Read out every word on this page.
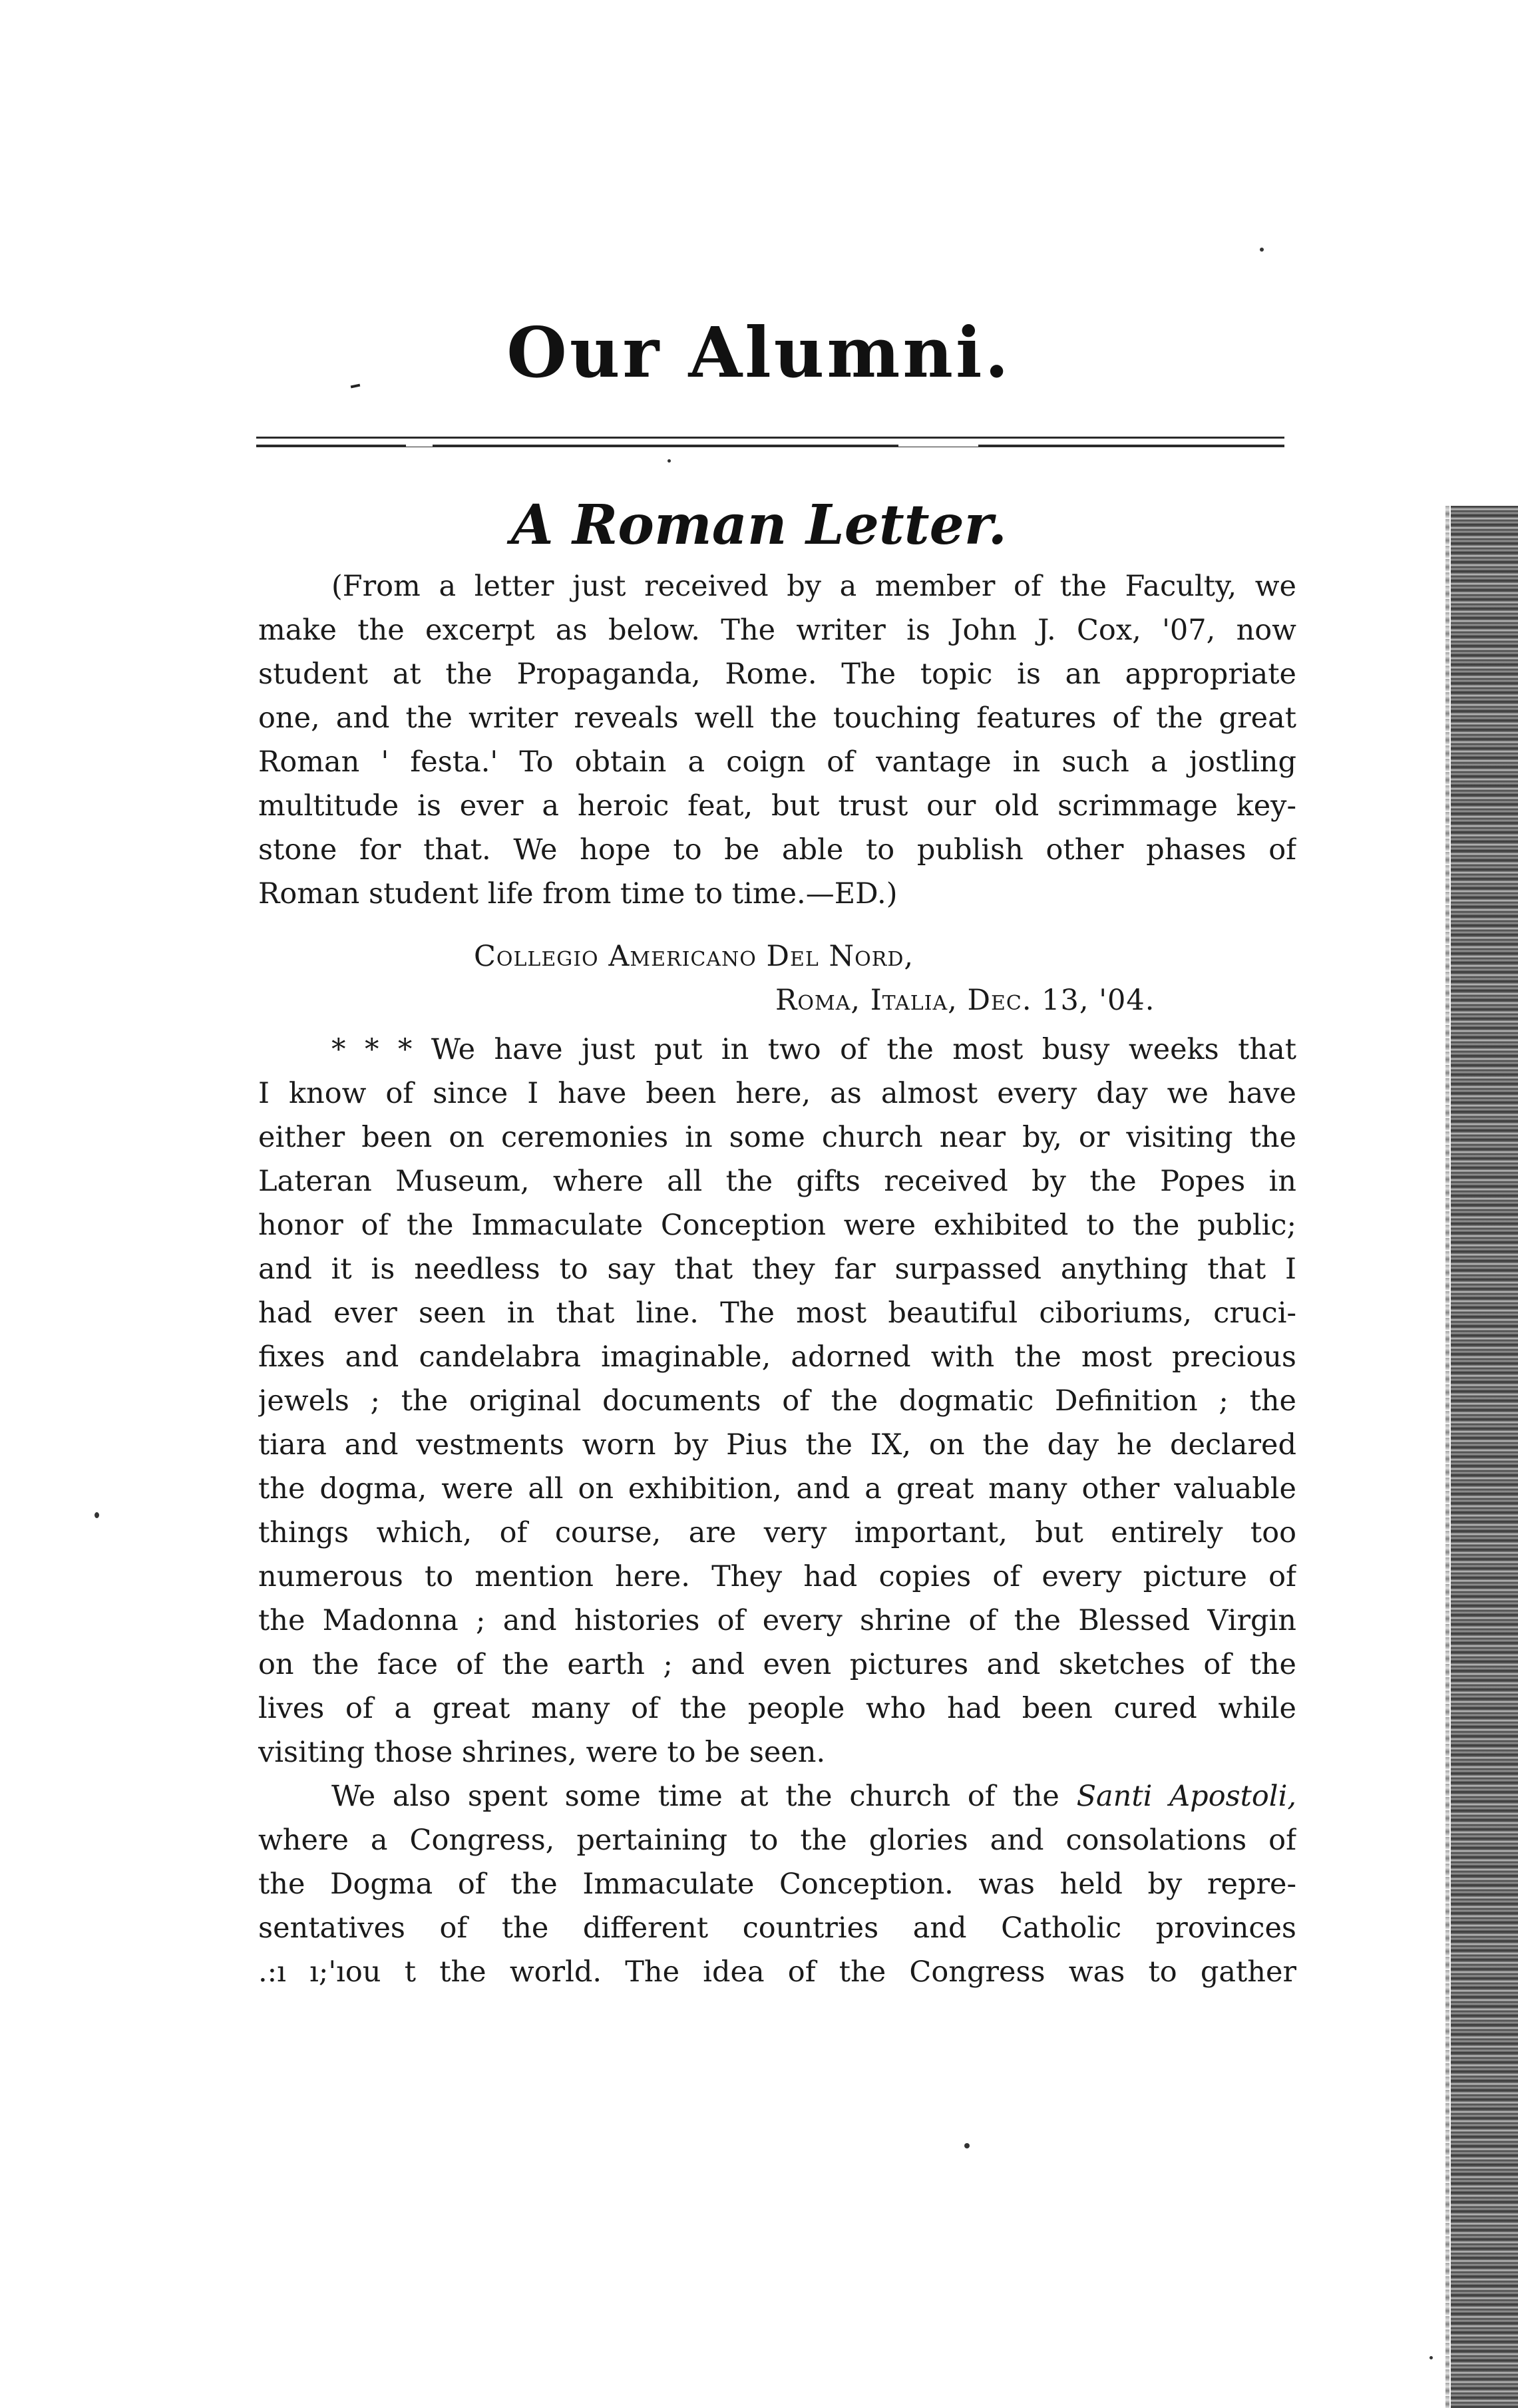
Our Alumni.
A Roman Letter.
(From a letter just received by a member of the Faculty, we
make the excerpt as below. The writer is John J. Cox, '07, now
student at the Propaganda, Rome. The topic is an appropriate
one, and the writer reveals well the touching features of the great
Roman ' festa.' To obtain a coign of vantage in such a jostling
multitude is ever a heroic feat, but trust our old scrimmage key-
stone for that. We hope to be able to publish other phases of
Roman student life from time to time.—ED.)
Collegio Americano Del Nord,
Roma, Italia, Dec. 13, '04.
* * * We have just put in two of the most busy weeks that
I know of since I have been here, as almost every day we have
either been on ceremonies in some church near by, or visiting the
Lateran Museum, where all the gifts received by the Popes in
honor of the Immaculate Conception were exhibited to the public;
and it is needless to say that they far surpassed anything that I
had ever seen in that line. The most beautiful ciboriums, cruci-
fixes and candelabra imaginable, adorned with the most precious
jewels ; the original documents of the dogmatic Definition ; the
tiara and vestments worn by Pius the IX, on the day he declared
the dogma, were all on exhibition, and a great many other valuable
things which, of course, are very important, but entirely too
numerous to mention here. They had copies of every picture of
the Madonna ; and histories of every shrine of the Blessed Virgin
on the face of the earth ; and even pictures and sketches of the
lives of a great many of the people who had been cured while
visiting those shrines, were to be seen.
We also spent some time at the church of the Santi Apostoli,
where a Congress, pertaining to the glories and consolations of
the Dogma of the Immaculate Conception. was held by repre-
sentatives of the different countries and Catholic provinces
.:ı ı;'ıou t the world. The idea of the Congress was to gather
